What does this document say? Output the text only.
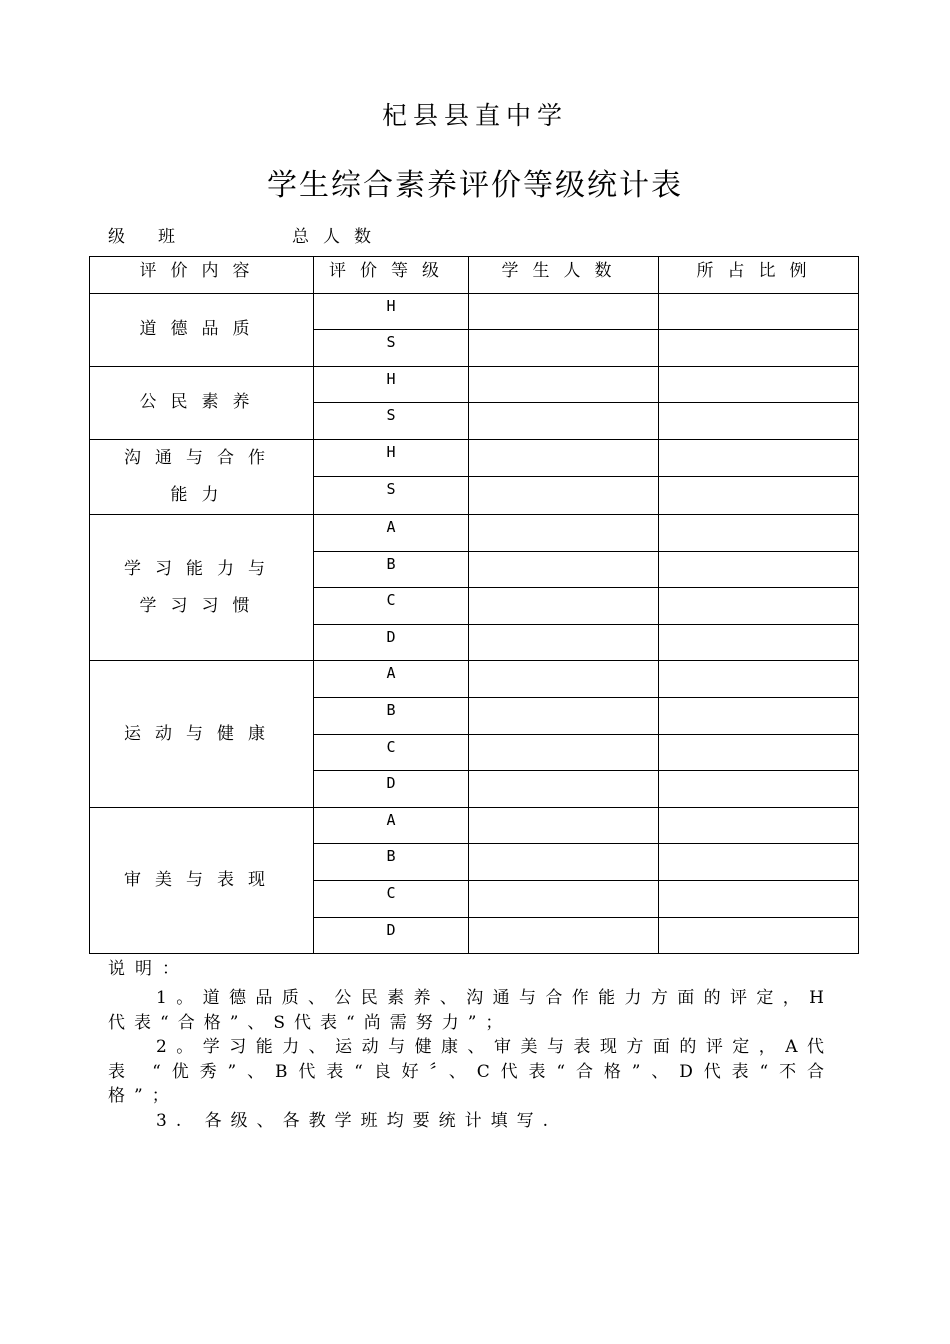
杞县县直中学
学生综合素养评价等级统计表
级 班	总人数
评价内容	评价等级	学生人数	所占比例

道德品质	H		
	S		

公民素养	H		
	S		

沟通与合作
能力	H		
	S		

学习能力与
学习习惯	A		
	B		
	C		
	D		

运动与健康	A		
	B		
	C		
	D		

审美与表现	A		
	B		
	C		
	D		
说明：

1。道德品质、公民素养、沟通与合作能力方面的评定，H代表“合格”、S代表“尚需努力”；

2。学习能力、运动与健康、审美与表现方面的评定，A代表 “优秀”、B代表“良好〞、C代表“合格”、D代表“不合格”；

3. 各级、各教学班均要统计填写.
